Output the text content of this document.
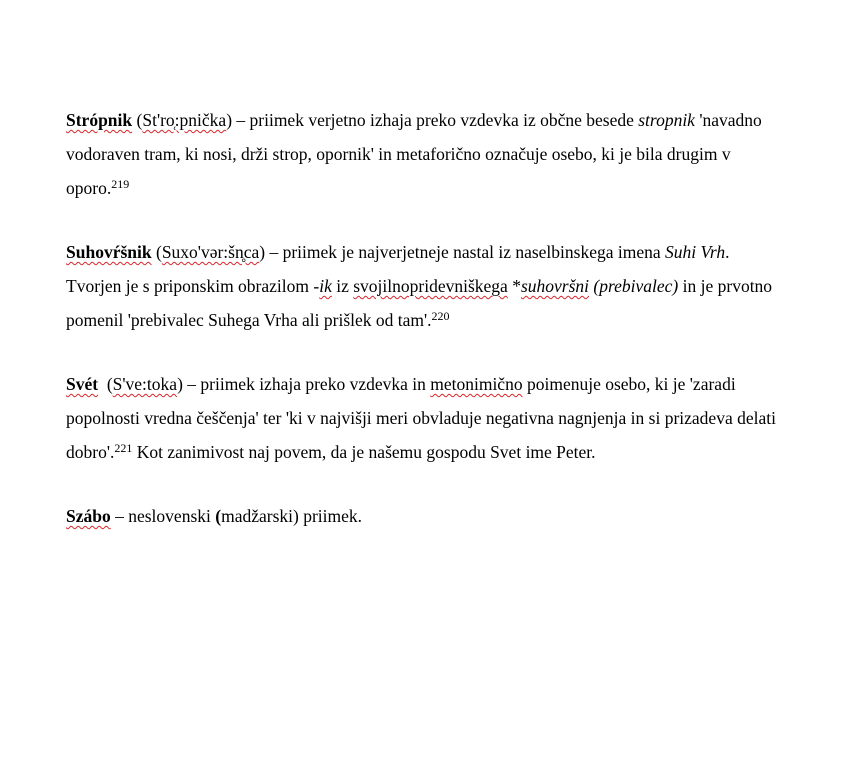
Strópnik (St'ro̜:pnička) – priimek verjetno izhaja preko vzdevka iz občne besede stropnik 'navadno vodoraven tram, ki nosi, drži strop, opornik' in metaforično označuje osebo, ki je bila drugim v oporo.$^{219}$

Suhovŕšnik (Suxo'vər:šn̥ca) – priimek je najverjetneje nastal iz naselbinskega imena Suhi Vrh. Tvorjen je s priponskim obrazilom -ik iz svojilnopridevniškega *suhovršni (prebivalec) in je prvotno pomenil 'prebivalec Suhega Vrha ali prišlek od tam'.$^{220}$

Svét  (S've:toka) – priimek izhaja preko vzdevka in metonimično poimenuje osebo, ki je 'zaradi popolnosti vredna češčenja' ter 'ki v najvišji meri obvladuje negativna nagnjenja in si prizadeva delati dobro'.$^{221}$ Kot zanimivost naj povem, da je našemu gospodu Svet ime Peter.

Szábo – neslovenski (madžarski) priimek.
